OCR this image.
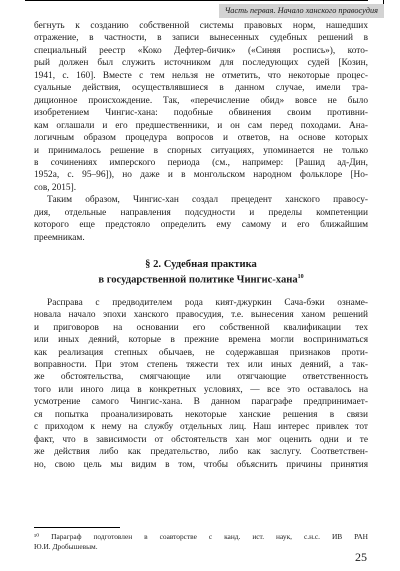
Часть первая. Начало ханского правосудия
бегнуть к созданию собственной системы правовых норм, нашедших
отражение, в частности, в записи вынесенных судебных решений в
специальный реестр «Коко Дефтер-бичик» («Синяя роспись»), кото-
рый должен был служить источником для последующих судей [Козин,
1941, с. 160]. Вместе с тем нельзя не отметить, что некоторые процес-
суальные действия, осуществлявшиеся в данном случае, имели тра-
диционное происхождение. Так, «перечисление обид» вовсе не было
изобретением Чингис-хана: подобные обвинения своим противни-
кам оглашали и его предшественники, и он сам перед походами. Ана-
логичным образом процедура вопросов и ответов, на основе которых
и принималось решение в спорных ситуациях, упоминается не только
в сочинениях имперского периода (см., например: [Рашид ад-Дин,
1952a, с. 95–96]), но даже и в монгольском народном фольклоре [Но-
сов, 2015].
Таким образом, Чингис-хан создал прецедент ханского правосу-
дия, отдельные направления подсудности и пределы компетенции
которого еще предстояло определить ему самому и его ближайшим
преемникам.
§ 2. Судебная практика
в государственной политике Чингис-хана$^{10}$
Расправа с предводителем рода кият-джуркин Сача-бэки ознаме-
новала начало эпохи ханского правосудия, т.е. вынесения ханом решений
и приговоров на основании его собственной квалификации тех
или иных деяний, которые в прежние времена могли восприниматься
как реализация степных обычаев, не содержавшая признаков проти-
воправности. При этом степень тяжести тех или иных деяний, а так-
же обстоятельства, смягчающие или отягчающие ответственность
того или иного лица в конкретных условиях, — все это оставалось на
усмотрение самого Чингис-хана. В данном параграфе предпринимает-
ся попытка проанализировать некоторые ханские решения в связи
с приходом к нему на службу отдельных лиц. Наш интерес привлек тот
факт, что в зависимости от обстоятельств хан мог оценить одни и те
же действия либо как предательство, либо как заслугу. Соответствен-
но, свою цель мы видим в том, чтобы объяснить причины принятия
¹⁰ Параграф подготовлен в соавторстве с канд. ист. наук, с.н.с. ИВ РАН
Ю.И. Дробышевым.
25
